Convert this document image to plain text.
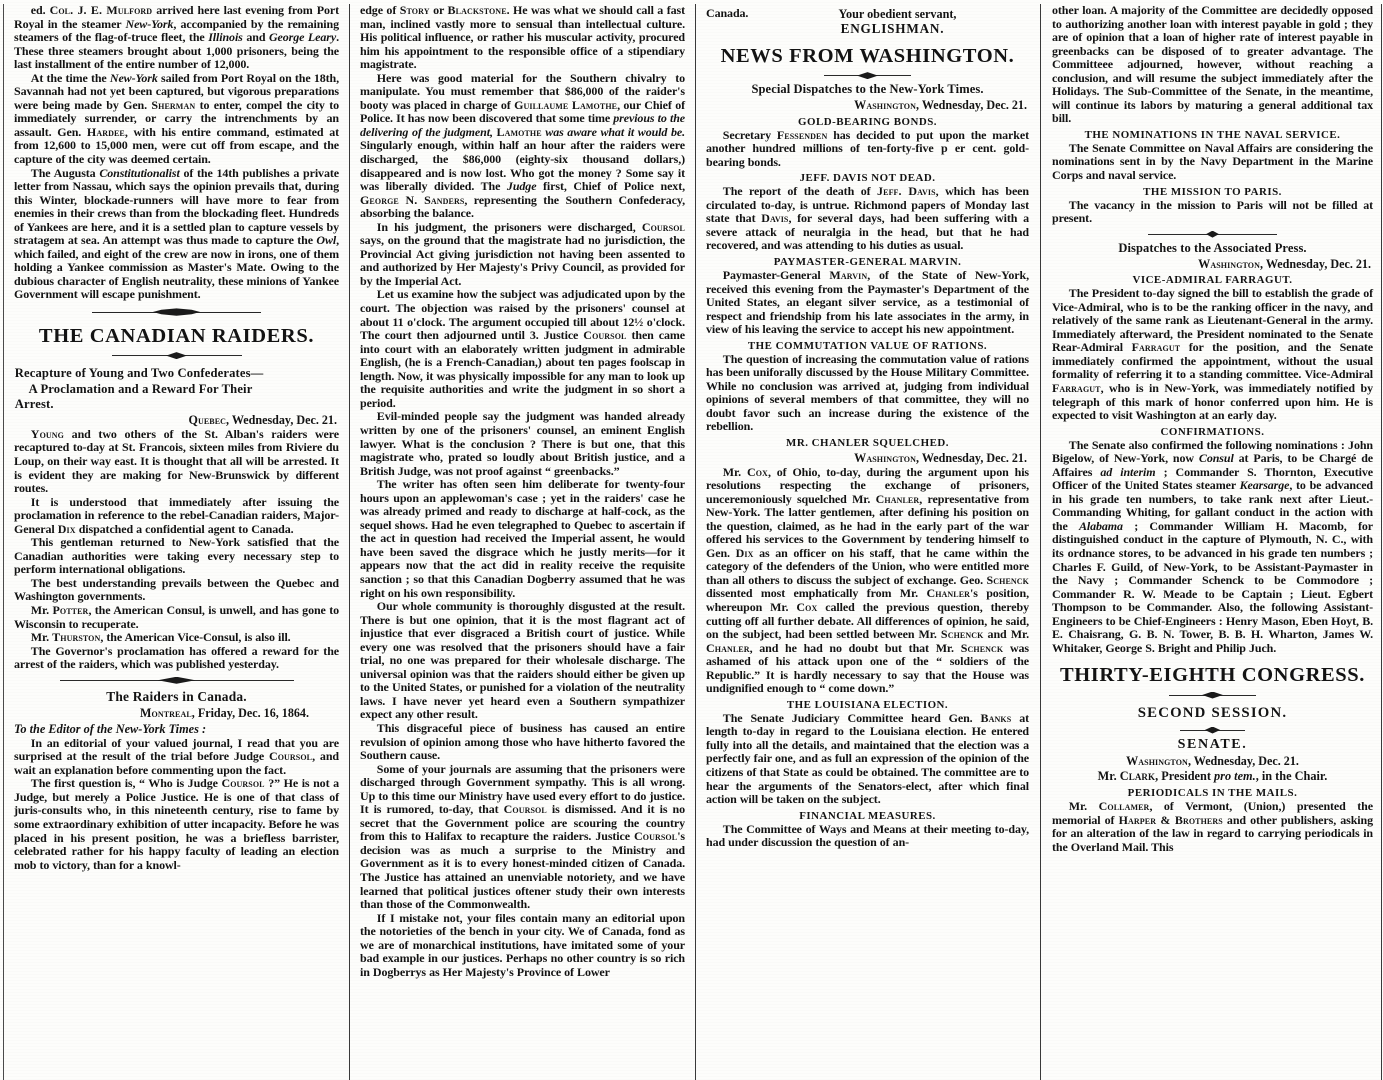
ed. Col. J. E. Mulford arrived here last evening from Port Royal in the steamer New-York, accompanied by the remaining steamers of the flag-of-truce fleet, the Illinois and George Leary. These three steamers brought about 1,000 prisoners, being the last installment of the entire number of 12,000.

At the time the New-York sailed from Port Royal on the 18th, Savannah had not yet been captured, but vigorous preparations were being made by Gen. Sherman to enter, compel the city to immediately surrender, or carry the intrenchments by an assault. Gen. Hardee, with his entire command, estimated at from 12,600 to 15,000 men, were cut off from escape, and the capture of the city was deemed certain.

The Augusta Constitutionalist of the 14th publishes a private letter from Nassau, which says the opinion prevails that, during this Winter, blockade-runners will have more to fear from enemies in their crews than from the blockading fleet. Hundreds of Yankees are here, and it is a settled plan to capture vessels by stratagem at sea. An attempt was thus made to capture the Owl, which failed, and eight of the crew are now in irons, one of them holding a Yankee commission as Master's Mate. Owing to the dubious character of English neutrality, these minions of Yankee Government will escape punishment.

THE CANADIAN RAIDERS.
Recapture of Young and Two Confederates—
A Proclamation and a Reward For Their
Arrest.

Quebec, Wednesday, Dec. 21.

Young and two others of the St. Alban's raiders were recaptured to-day at St. Francois, sixteen miles from Riviere du Loup, on their way east. It is thought that all will be arrested. It is evident they are making for New-Brunswick by different routes.

It is understood that immediately after issuing the proclamation in reference to the rebel-Canadian raiders, Major-General Dix dispatched a confidential agent to Canada.

This gentleman returned to New-York satisfied that the Canadian authorities were taking every necessary step to perform international obligations.

The best understanding prevails between the Quebec and Washington governments.

Mr. Potter, the American Consul, is unwell, and has gone to Wisconsin to recuperate.

Mr. Thurston, the American Vice-Consul, is also ill.

The Governor's proclamation has offered a reward for the arrest of the raiders, which was published yesterday.

The Raiders in Canada.

Montreal, Friday, Dec. 16, 1864.

To the Editor of the New-York Times :

In an editorial of your valued journal, I read that you are surprised at the result of the trial before Judge Coursol, and wait an explanation before commenting upon the fact.

The first question is, “ Who is Judge Coursol ?” He is not a Judge, but merely a Police Justice. He is one of that class of juris-consults who, in this nineteenth century, rise to fame by some extraordinary exhibition of utter incapacity. Before he was placed in his present position, he was a briefless barrister, celebrated rather for his happy faculty of leading an election mob to victory, than for a knowl-

edge of Story or Blackstone. He was what we should call a fast man, inclined vastly more to sensual than intellectual culture. His political influence, or rather his muscular activity, procured him his appointment to the responsible office of a stipendiary magistrate.

Here was good material for the Southern chivalry to manipulate. You must remember that $86,000 of the raider's booty was placed in charge of Guillaume Lamothe, our Chief of Police. It has now been discovered that some time previous to the delivering of the judgment, Lamothe was aware what it would be. Singularly enough, within half an hour after the raiders were discharged, the $86,000 (eighty-six thousand dollars,) disappeared and is now lost. Who got the money ? Some say it was liberally divided. The Judge first, Chief of Police next, George N. Sanders, representing the Southern Confederacy, absorbing the balance.

In his judgment, the prisoners were discharged, Coursol says, on the ground that the magistrate had no jurisdiction, the Provincial Act giving jurisdiction not having been assented to and authorized by Her Majesty's Privy Council, as provided for by the Imperial Act.

Let us examine how the subject was adjudicated upon by the court. The objection was raised by the prisoners' counsel at about 11 o'clock. The argument occupied till about 12½ o'clock. The court then adjourned until 3. Justice Coursol then came into court with an elaborately written judgment in admirable English, (he is a French-Canadian,) about ten pages foolscap in length. Now, it was physically impossible for any man to look up the requisite authorities and write the judgment in so short a period.

Evil-minded people say the judgment was handed already written by one of the prisoners' counsel, an eminent English lawyer. What is the conclusion ? There is but one, that this magistrate who, prated so loudly about British justice, and a British Judge, was not proof against “ greenbacks.”

The writer has often seen him deliberate for twenty-four hours upon an applewoman's case ; yet in the raiders' case he was already primed and ready to discharge at half-cock, as the sequel shows. Had he even telegraphed to Quebec to ascertain if the act in question had received the Imperial assent, he would have been saved the disgrace which he justly merits—for it appears now that the act did in reality receive the requisite sanction ; so that this Canadian Dogberry assumed that he was right on his own responsibility.

Our whole community is thoroughly disgusted at the result. There is but one opinion, that it is the most flagrant act of injustice that ever disgraced a British court of justice. While every one was resolved that the prisoners should have a fair trial, no one was prepared for their wholesale discharge. The universal opinion was that the raiders should either be given up to the United States, or punished for a violation of the neutrality laws. I have never yet heard even a Southern sympathizer expect any other result.

This disgraceful piece of business has caused an entire revulsion of opinion among those who have hitherto favored the Southern cause.

Some of your journals are assuming that the prisoners were discharged through Government sympathy. This is all wrong. Up to this time our Ministry have used every effort to do justice. It is rumored, to-day, that Coursol is dismissed. And it is no secret that the Government police are scouring the country from this to Halifax to recapture the raiders. Justice Coursol's decision was as much a surprise to the Ministry and Government as it is to every honest-minded citizen of Canada. The Justice has attained an unenviable notoriety, and we have learned that political justices oftener study their own interests than those of the Commonwealth.

If I mistake not, your files contain many an editorial upon the notorieties of the bench in your city. We of Canada, fond as we are of monarchical institutions, have imitated some of your bad example in our justices. Perhaps no other country is so rich in Dogberrys as Her Majesty's Province of Lower

Canada.	Your obedient servant,

ENGLISHMAN.

NEWS FROM WASHINGTON.

Special Dispatches to the New-York Times.

Washington, Wednesday, Dec. 21.

GOLD-BEARING BONDS.

Secretary Fessenden has decided to put upon the market another hundred millions of ten-forty-five p er cent. gold-bearing bonds.

JEFF. DAVIS NOT DEAD.

The report of the death of Jeff. Davis, which has been circulated to-day, is untrue. Richmond papers of Monday last state that Davis, for several days, had been suffering with a severe attack of neuralgia in the head, but that he had recovered, and was attending to his duties as usual.

PAYMASTER-GENERAL MARVIN.

Paymaster-General Marvin, of the State of New-York, received this evening from the Paymaster's Department of the United States, an elegant silver service, as a testimonial of respect and friendship from his late associates in the army, in view of his leaving the service to accept his new appointment.

THE COMMUTATION VALUE OF RATIONS.

The question of increasing the commutation value of rations has been uniforally discussed by the House Military Committee. While no conclusion was arrived at, judging from individual opinions of several members of that committee, they will no doubt favor such an increase during the existence of the rebellion.

MR. CHANLER SQUELCHED.

Washington, Wednesday, Dec. 21.

Mr. Cox, of Ohio, to-day, during the argument upon his resolutions respecting the exchange of prisoners, unceremoniously squelched Mr. Chanler, representative from New-York. The latter gentlemen, after defining his position on the question, claimed, as he had in the early part of the war offered his services to the Government by tendering himself to Gen. Dix as an officer on his staff, that he came within the category of the defenders of the Union, who were entitled more than all others to discuss the subject of exchange. Geo. Schenck dissented most emphatically from Mr. Chanler's position, whereupon Mr. Cox called the previous question, thereby cutting off all further debate. All differences of opinion, he said, on the subject, had been settled between Mr. Schenck and Mr. Chanler, and he had no doubt but that Mr. Schenck was ashamed of his attack upon one of the “ soldiers of the Republic.” It is hardly necessary to say that the House was undignified enough to “ come down.”

THE LOUISIANA ELECTION.

The Senate Judiciary Committee heard Gen. Banks at length to-day in regard to the Louisiana election. He entered fully into all the details, and maintained that the election was a perfectly fair one, and as full an expression of the opinion of the citizens of that State as could be obtained. The committee are to hear the arguments of the Senators-elect, after which final action will be taken on the subject.

FINANCIAL MEASURES.

The Committee of Ways and Means at their meeting to-day, had under discussion the question of an-

other loan. A majority of the Committee are decidedly opposed to authorizing another loan with interest payable in gold ; they are of opinion that a loan of higher rate of interest payable in greenbacks can be disposed of to greater advantage. The Committeee adjourned, however, without reaching a conclusion, and will resume the subject immediately after the Holidays. The Sub-Committee of the Senate, in the meantime, will continue its labors by maturing a general additional tax bill.

THE NOMINATIONS IN THE NAVAL SERVICE.

The Senate Committee on Naval Affairs are considering the nominations sent in by the Navy Department in the Marine Corps and naval service.

THE MISSION TO PARIS.

The vacancy in the mission to Paris will not be filled at present.

Dispatches to the Associated Press.

Washington, Wednesday, Dec. 21.

VICE-ADMIRAL FARRAGUT.

The President to-day signed the bill to establish the grade of Vice-Admiral, who is to be the ranking officer in the navy, and relatively of the same rank as Lieutenant-General in the army. Immediately afterward, the President nominated to the Senate Rear-Admiral Farragut for the position, and the Senate immediately confirmed the appointment, without the usual formality of referring it to a standing committee. Vice-Admiral Farragut, who is in New-York, was immediately notified by telegraph of this mark of honor conferred upon him. He is expected to visit Washington at an early day.

CONFIRMATIONS.

The Senate also confirmed the following nominations : John Bigelow, of New-York, now Consul at Paris, to be Chargé de Affaires ad interim ; Commander S. Thornton, Executive Officer of the United States steamer Kearsarge, to be advanced in his grade ten numbers, to take rank next after Lieut.-Commanding Whiting, for gallant conduct in the action with the Alabama ; Commander William H. Macomb, for distinguished conduct in the capture of Plymouth, N. C., with its ordnance stores, to be advanced in his grade ten numbers ; Charles F. Guild, of New-York, to be Assistant-Paymaster in the Navy ; Commander Schenck to be Commodore ; Commander R. W. Meade to be Captain ; Lieut. Egbert Thompson to be Commander. Also, the following Assistant-Engineers to be Chief-Engineers : Henry Mason, Eben Hoyt, B. E. Chaisrang, G. B. N. Tower, B. B. H. Wharton, James W. Whitaker, George S. Bright and Philip Juch.

THIRTY-EIGHTH CONGRESS.
SECOND SESSION.
SENATE.

Washington, Wednesday, Dec. 21.

Mr. Clark, President pro tem., in the Chair.

PERIODICALS IN THE MAILS.

Mr. Collamer, of Vermont, (Union,) presented the memorial of Harper & Brothers and other publishers, asking for an alteration of the law in regard to carrying periodicals in the Overland Mail. This
